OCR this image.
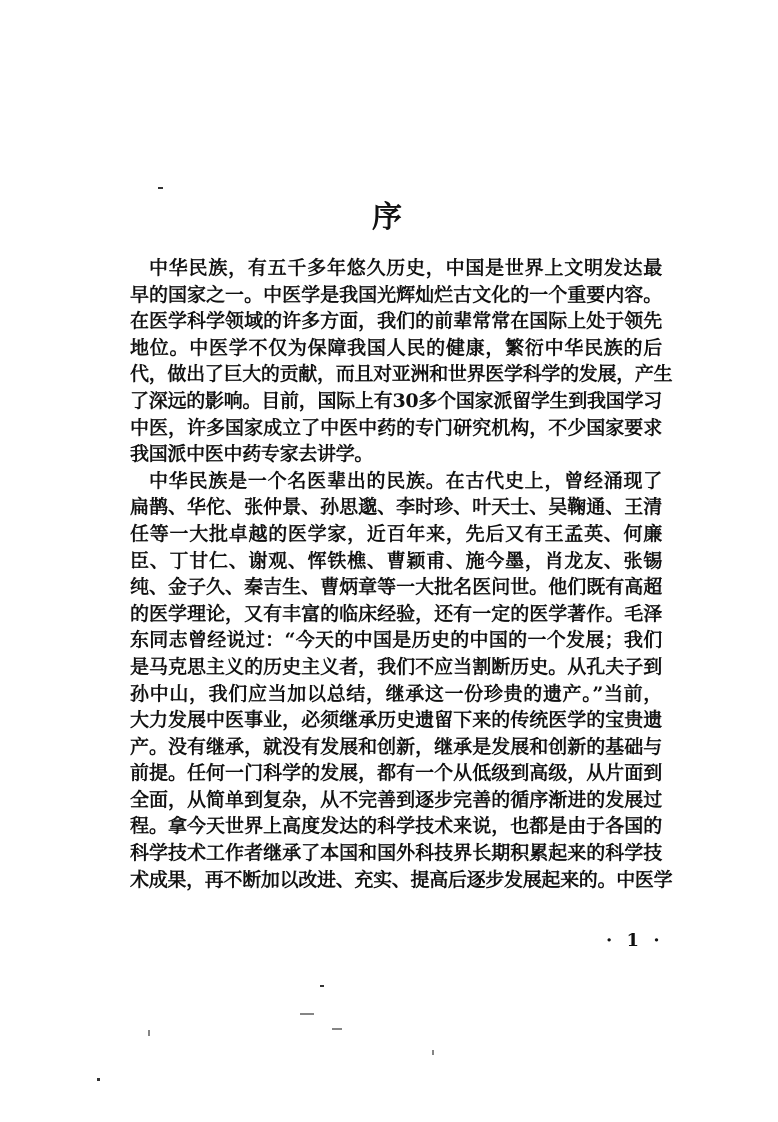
序
中华民族，有五千多年悠久历史，中国是世界上文明发达最
早的国家之一。中医学是我国光辉灿烂古文化的一个重要内容。
在医学科学领域的许多方面，我们的前辈常常在国际上处于领先
地位。中医学不仅为保障我国人民的健康，繁衍中华民族的后
代，做出了巨大的贡献，而且对亚洲和世界医学科学的发展，产生
了深远的影响。目前，国际上有30多个国家派留学生到我国学习
中医，许多国家成立了中医中药的专门研究机构，不少国家要求
我国派中医中药专家去讲学。
中华民族是一个名医辈出的民族。在古代史上，曾经涌现了
扁鹊、华佗、张仲景、孙思邈、李时珍、叶天士、吴鞠通、王清
任等一大批卓越的医学家，近百年来，先后又有王孟英、何廉
臣、丁甘仁、谢观、恽铁樵、曹颖甫、施今墨，肖龙友、张锡
纯、金子久、秦吉生、曹炳章等一大批名医问世。他们既有高超
的医学理论，又有丰富的临床经验，还有一定的医学著作。毛泽
东同志曾经说过：“今天的中国是历史的中国的一个发展；我们
是马克思主义的历史主义者，我们不应当割断历史。从孔夫子到
孙中山，我们应当加以总结，继承这一份珍贵的遗产。”当前，
大力发展中医事业，必须继承历史遗留下来的传统医学的宝贵遗
产。没有继承，就没有发展和创新，继承是发展和创新的基础与
前提。任何一门科学的发展，都有一个从低级到高级，从片面到
全面，从简单到复杂，从不完善到逐步完善的循序渐进的发展过
程。拿今天世界上高度发达的科学技术来说，也都是由于各国的
科学技术工作者继承了本国和国外科技界长期积累起来的科学技
术成果，再不断加以改进、充实、提高后逐步发展起来的。中医学
· 1 ·
